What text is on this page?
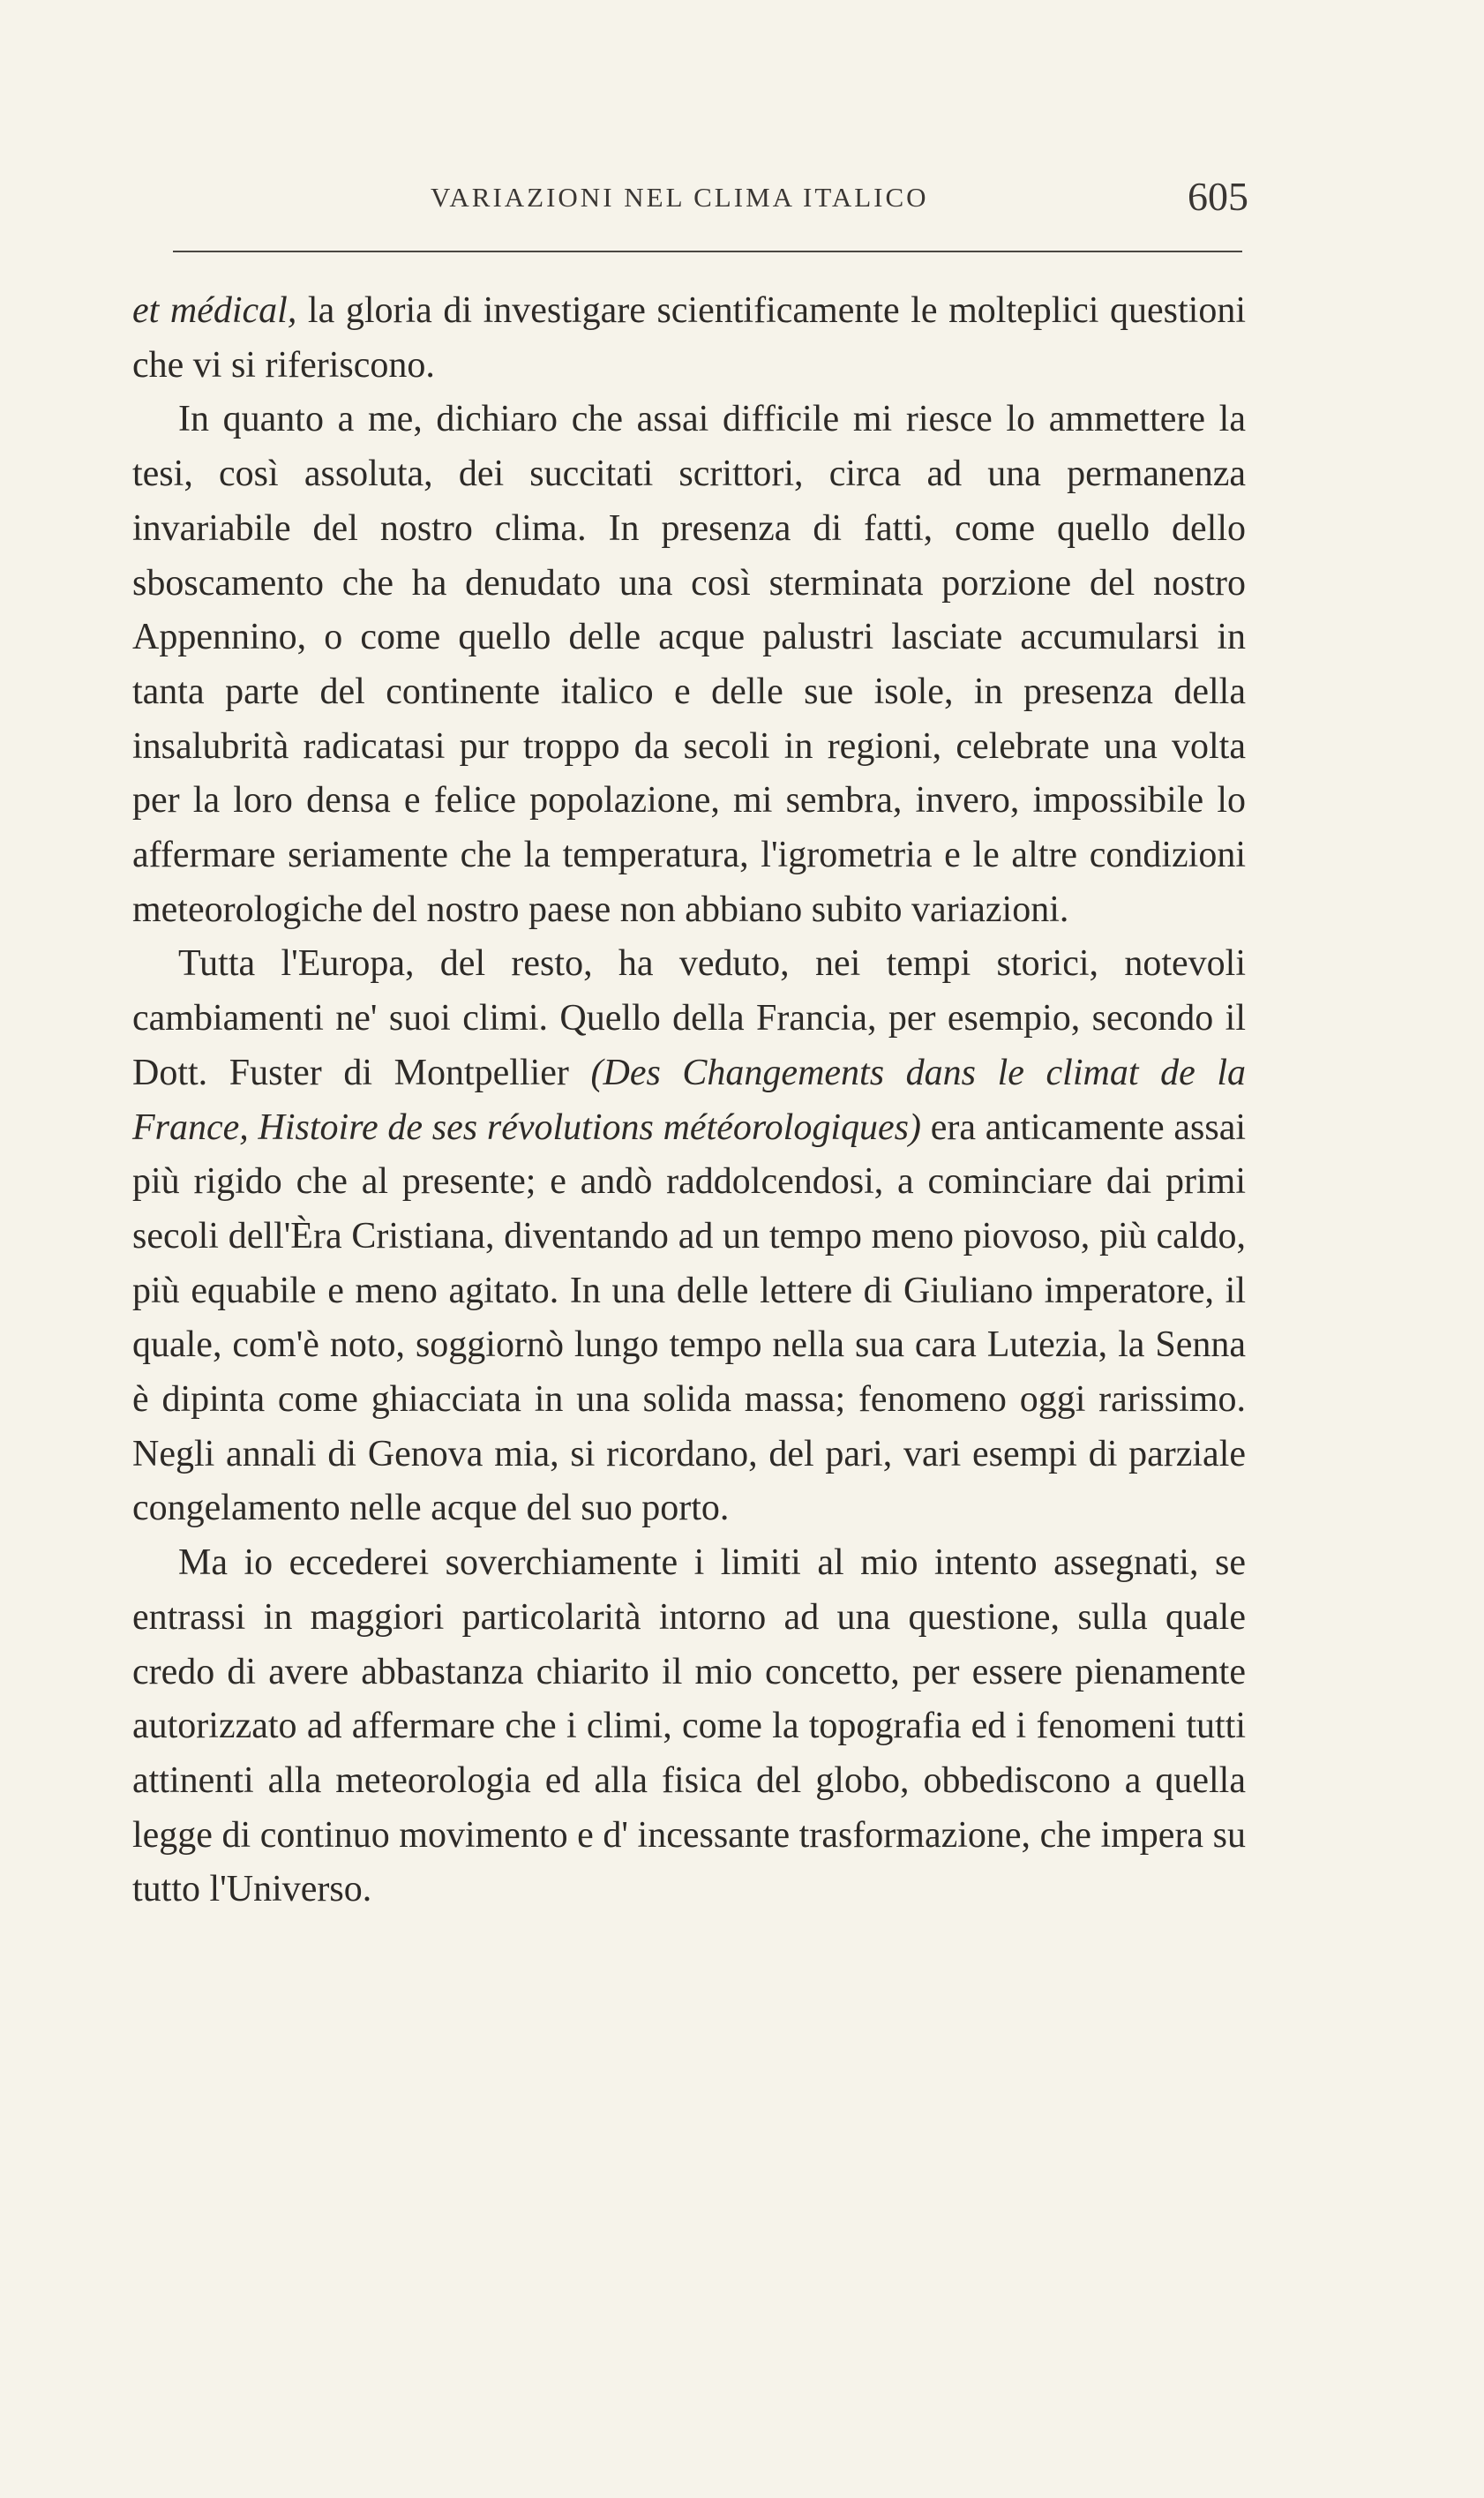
VARIAZIONI NEL CLIMA ITALICO	605

et médical, la gloria di investigare scientificamente le molteplici questioni che vi si riferiscono.

In quanto a me, dichiaro che assai difficile mi riesce lo ammettere la tesi, così assoluta, dei succitati scrittori, circa ad una permanenza invariabile del nostro clima. In presenza di fatti, come quello dello sboscamento che ha denudato una così sterminata porzione del nostro Appennino, o come quello delle acque palustri lasciate accumularsi in tanta parte del continente italico e delle sue isole, in presenza della insalubrità radicatasi pur troppo da secoli in regioni, celebrate una volta per la loro densa e felice popolazione, mi sembra, invero, impossibile lo affermare seriamente che la temperatura, l'igrometria e le altre condizioni meteorologiche del nostro paese non abbiano subito variazioni.

Tutta l'Europa, del resto, ha veduto, nei tempi storici, notevoli cambiamenti ne' suoi climi. Quello della Francia, per esempio, secondo il Dott. Fuster di Montpellier (Des Changements dans le climat de la France, Histoire de ses révolutions météorologiques) era anticamente assai più rigido che al presente; e andò raddolcendosi, a cominciare dai primi secoli dell'Èra Cristiana, diventando ad un tempo meno piovoso, più caldo, più equabile e meno agitato. In una delle lettere di Giuliano imperatore, il quale, com'è noto, soggiornò lungo tempo nella sua cara Lutezia, la Senna è dipinta come ghiacciata in una solida massa; fenomeno oggi rarissimo. Negli annali di Genova mia, si ricordano, del pari, vari esempi di parziale congelamento nelle acque del suo porto.

Ma io eccederei soverchiamente i limiti al mio intento assegnati, se entrassi in maggiori particolarità intorno ad una questione, sulla quale credo di avere abbastanza chiarito il mio concetto, per essere pienamente autorizzato ad affermare che i climi, come la topografia ed i fenomeni tutti attinenti alla meteorologia ed alla fisica del globo, obbediscono a quella legge di continuo movimento e d' incessante trasformazione, che impera su tutto l'Universo.
